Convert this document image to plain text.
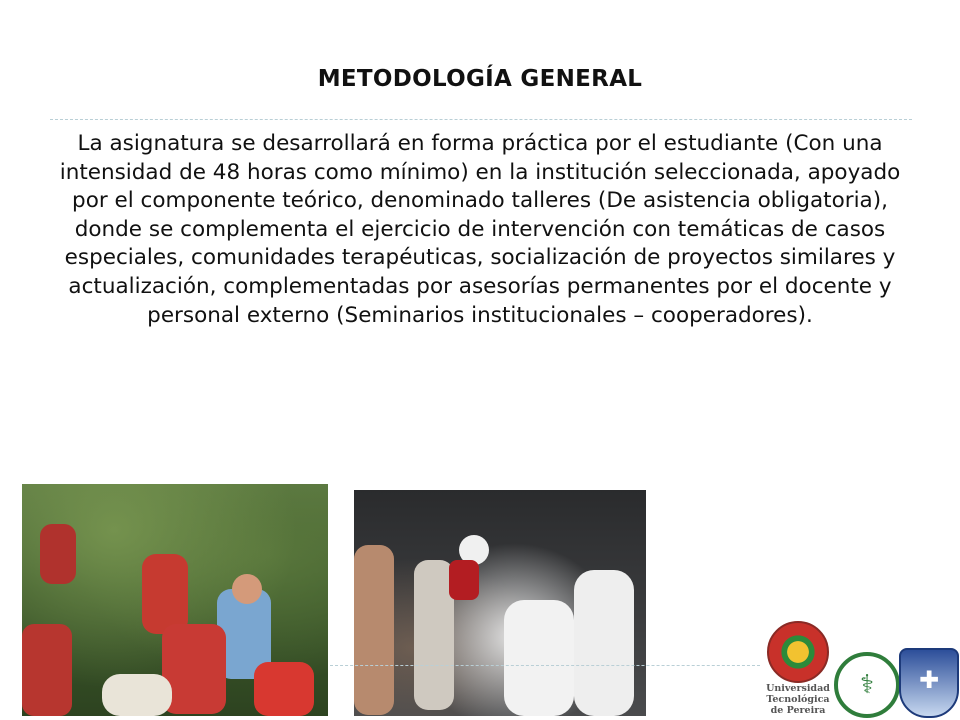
METODOLOGÍA GENERAL
La asignatura se desarrollará en forma práctica por el estudiante (Con una intensidad de 48 horas como mínimo) en la institución seleccionada, apoyado por el componente teórico, denominado talleres (De asistencia obligatoria), donde se complementa el ejercicio de intervención con temáticas de casos especiales, comunidades terapéuticas, socialización de proyectos similares y actualización, complementadas por asesorías permanentes por el docente y personal externo (Seminarios institucionales – cooperadores).
Universidad
Tecnológica
de Pereira
⚕ ✚
